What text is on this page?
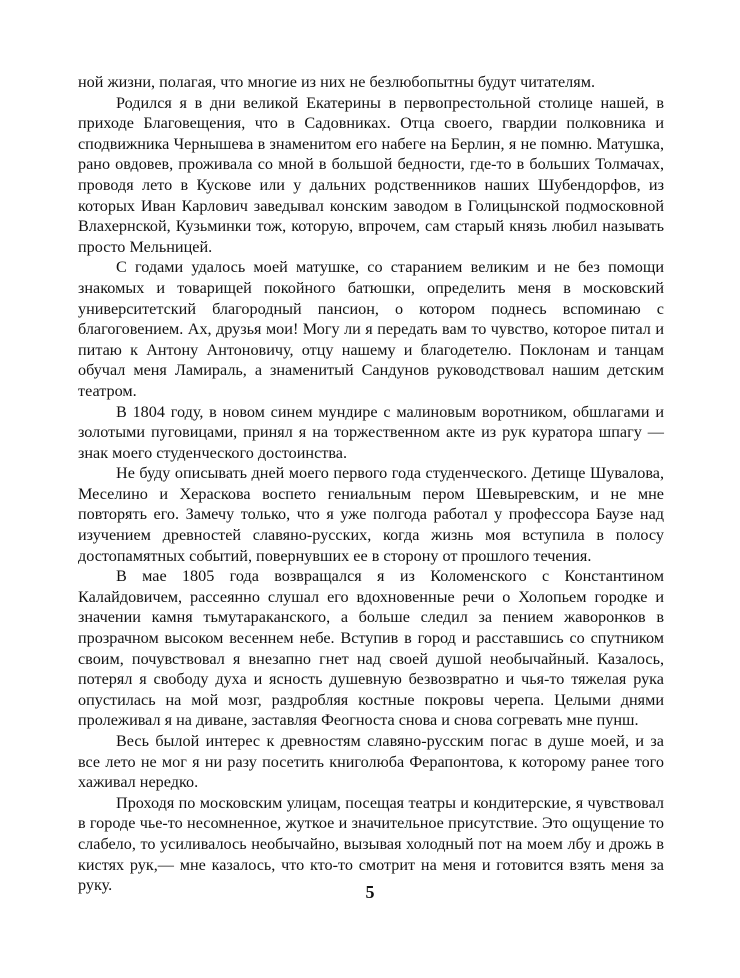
ной жизни, полагая, что многие из них не безлюбопытны будут читателям.

Родился я в дни великой Екатерины в первопрестольной столице нашей, в приходе Благовещения, что в Садовниках. Отца своего, гвардии полковника и сподвижника Чернышева в знаменитом его набеге на Берлин, я не помню. Матушка, рано овдовев, проживала со мной в большой бедности, где-то в больших Толмачах, проводя лето в Кускове или у дальних родственников наших Шубендорфов, из которых Иван Карлович заведывал конским заводом в Голицынской подмосковной Влахернской, Кузьминки тож, которую, впрочем, сам старый князь любил называть просто Мельницей.

С годами удалось моей матушке, со старанием великим и не без помощи знакомых и товарищей покойного батюшки, определить меня в московский университетский благородный пансион, о котором поднесь вспоминаю с благоговением. Ах, друзья мои! Могу ли я передать вам то чувство, которое питал и питаю к Антону Антоновичу, отцу нашему и благодетелю. Поклонам и танцам обучал меня Ламираль, а знаменитый Сандунов руководствовал нашим детским театром.

В 1804 году, в новом синем мундире с малиновым воротником, обшлагами и золотыми пуговицами, принял я на торжественном акте из рук куратора шпагу — знак моего студенческого достоинства.

Не буду описывать дней моего первого года студенческого. Детище Шувалова, Меселино и Хераскова воспето гениальным пером Шевыревским, и не мне повторять его. Замечу только, что я уже полгода работал у профессора Баузе над изучением древностей славяно-русских, когда жизнь моя вступила в полосу достопамятных событий, повернувших ее в сторону от прошлого течения.

В мае 1805 года возвращался я из Коломенского с Константином Калайдовичем, рассеянно слушал его вдохновенные речи о Холопьем городке и значении камня тьмутараканского, а больше следил за пением жаворонков в прозрачном высоком весеннем небе. Вступив в город и расставшись со спутником своим, почувствовал я внезапно гнет над своей душой необычайный. Казалось, потерял я свободу духа и ясность душевную безвозвратно и чья-то тяжелая рука опустилась на мой мозг, раздробляя костные покровы черепа. Целыми днями пролеживал я на диване, заставляя Феогноста снова и снова согревать мне пунш.

Весь былой интерес к древностям славяно-русским погас в душе моей, и за все лето не мог я ни разу посетить книголюба Ферапонтова, к которому ранее того хаживал нередко.

Проходя по московским улицам, посещая театры и кондитерские, я чувствовал в городе чье-то несомненное, жуткое и значительное присутствие. Это ощущение то слабело, то усиливалось необычайно, вызывая холодный пот на моем лбу и дрожь в кистях рук,— мне казалось, что кто-то смотрит на меня и готовится взять меня за руку.	5
